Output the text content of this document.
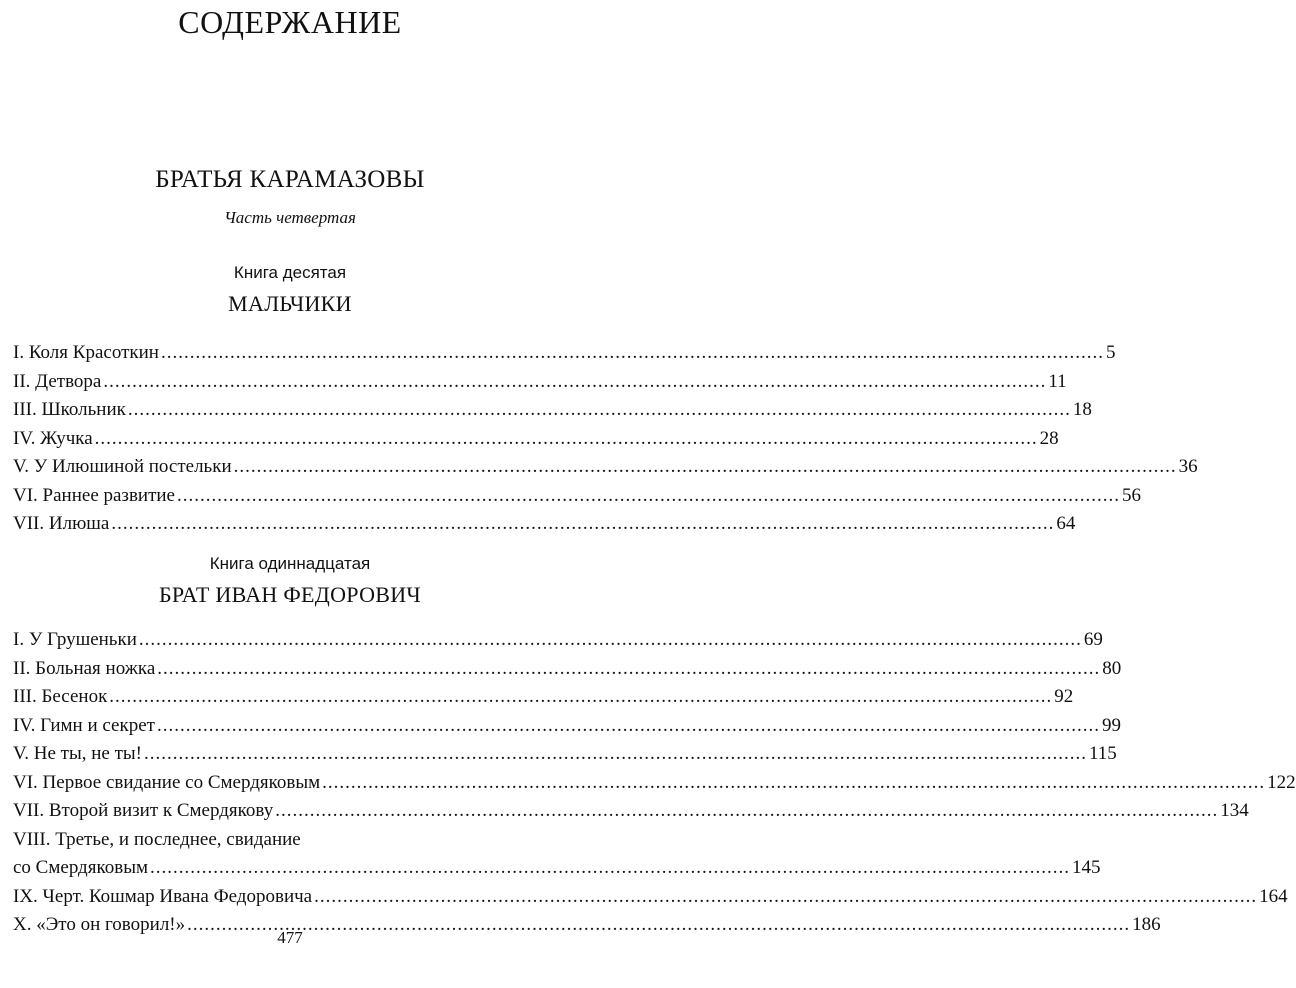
СОДЕРЖАНИЕ
БРАТЬЯ КАРАМАЗОВЫ
Часть четвертая
Книга десятая
МАЛЬЧИКИ
I. Коля Красоткин .....	5
II. Детвора .....	11
III. Школьник .....	18
IV. Жучка .....	28
V. У Илюшиной постельки .....	36
VI. Раннее развитие .....	56
VII. Илюша .....	64
Книга одиннадцатая
БРАТ ИВАН ФЕДОРОВИЧ
I. У Грушеньки .....	69
II. Больная ножка .....	80
III. Бесенок .....	92
IV. Гимн и секрет .....	99
V. Не ты, не ты! .....	115
VI. Первое свидание со Смердяковым .....	122
VII. Второй визит к Смердякову .....	134
VIII. Третье, и последнее, свидание
со Смердяковым ................................................................................................................................................................ 145
IX. Черт. Кошмар Ивана Федоровича .....	164
X. «Это он говорил!» .....	186
477
